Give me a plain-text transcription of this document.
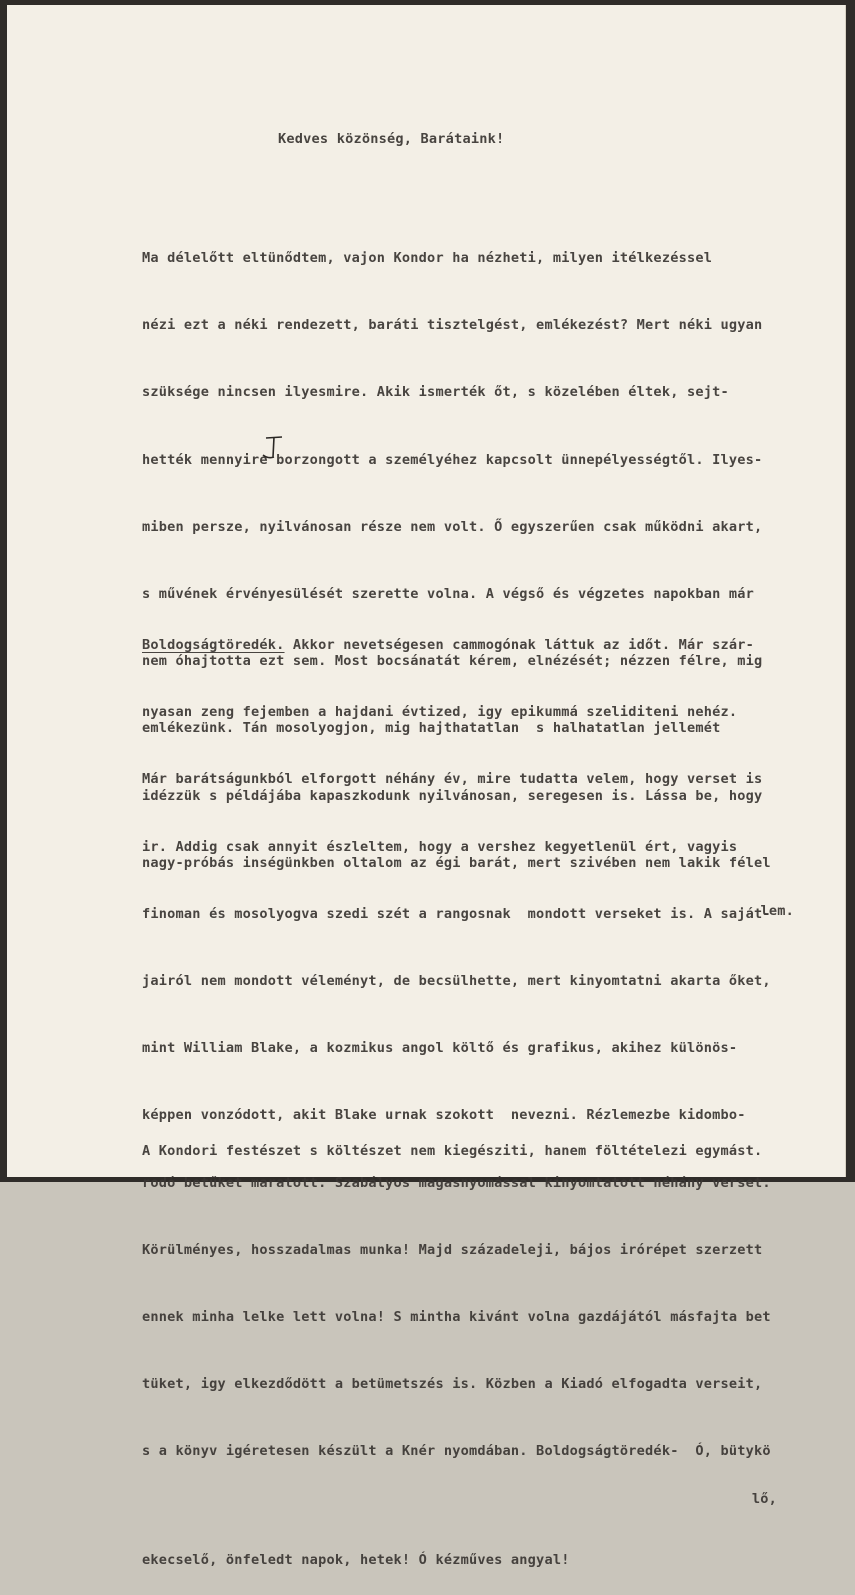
Kedves közönség, Barátaink!

Ma délelőtt eltünődtem, vajon Kondor ha nézheti, milyen itélkezéssel

nézi ezt a néki rendezett, baráti tisztelgést, emlékezést? Mert néki ugyan

szüksége nincsen ilyesmire. Akik ismerték őt, s közelében éltek, sejt-

hették mennyire borzongott a személyéhez kapcsolt ünnepélyességtől. Ilyes-

miben persze, nyilvánosan része nem volt. Ő egyszerűen csak működni akart,

s művének érvényesülését szerette volna. A végső és végzetes napokban már

nem óhajtotta ezt sem. Most bocsánatát kérem, elnézését; nézzen félre, mig

emlékezünk. Tán mosolyogjon, mig hajthatatlan  s halhatatlan jellemét

idézzük s példájába kapaszkodunk nyilvánosan, seregesen is. Lássa be, hogy

nagy-próbás inségünkben oltalom az égi barát, mert szivében nem lakik félel

lem.

Boldogságtöredék. Akkor nevetségesen cammogónak láttuk az időt. Már szár-

nyasan zeng fejemben a hajdani évtized, igy epikummá szeliditeni nehéz.

Már barátságunkból elforgott néhány év, mire tudatta velem, hogy verset is

ir. Addig csak annyit észleltem, hogy a vershez kegyetlenül ért, vagyis

finoman és mosolyogva szedi szét a rangosnak  mondott verseket is. A saját-

jairól nem mondott véleményt, de becsülhette, mert kinyomtatni akarta őket,

mint William Blake, a kozmikus angol költő és grafikus, akihez különös-

képpen vonzódott, akit Blake urnak szokott  nevezni. Rézlemezbe kidombo-

rodó betűket maratott. Szabályos magasnyomással kinyomtatott néhány verset.

Körülményes, hosszadalmas munka! Majd századeleji, bájos irórépet szerzett

ennek minha lelke lett volna! S mintha kivánt volna gazdájától másfajta bet

tüket, igy elkezdődött a betümetszés is. Közben a Kiadó elfogadta verseit,

s a könyv igéretesen készült a Knér nyomdában. Boldogságtöredék-  Ó, bütykö

lő,

ekecselő, önfeledt napok, hetek! Ó kézműves angyal!

A Kondori festészet s költészet nem kiegésziti, hanem föltételezi egymást.
